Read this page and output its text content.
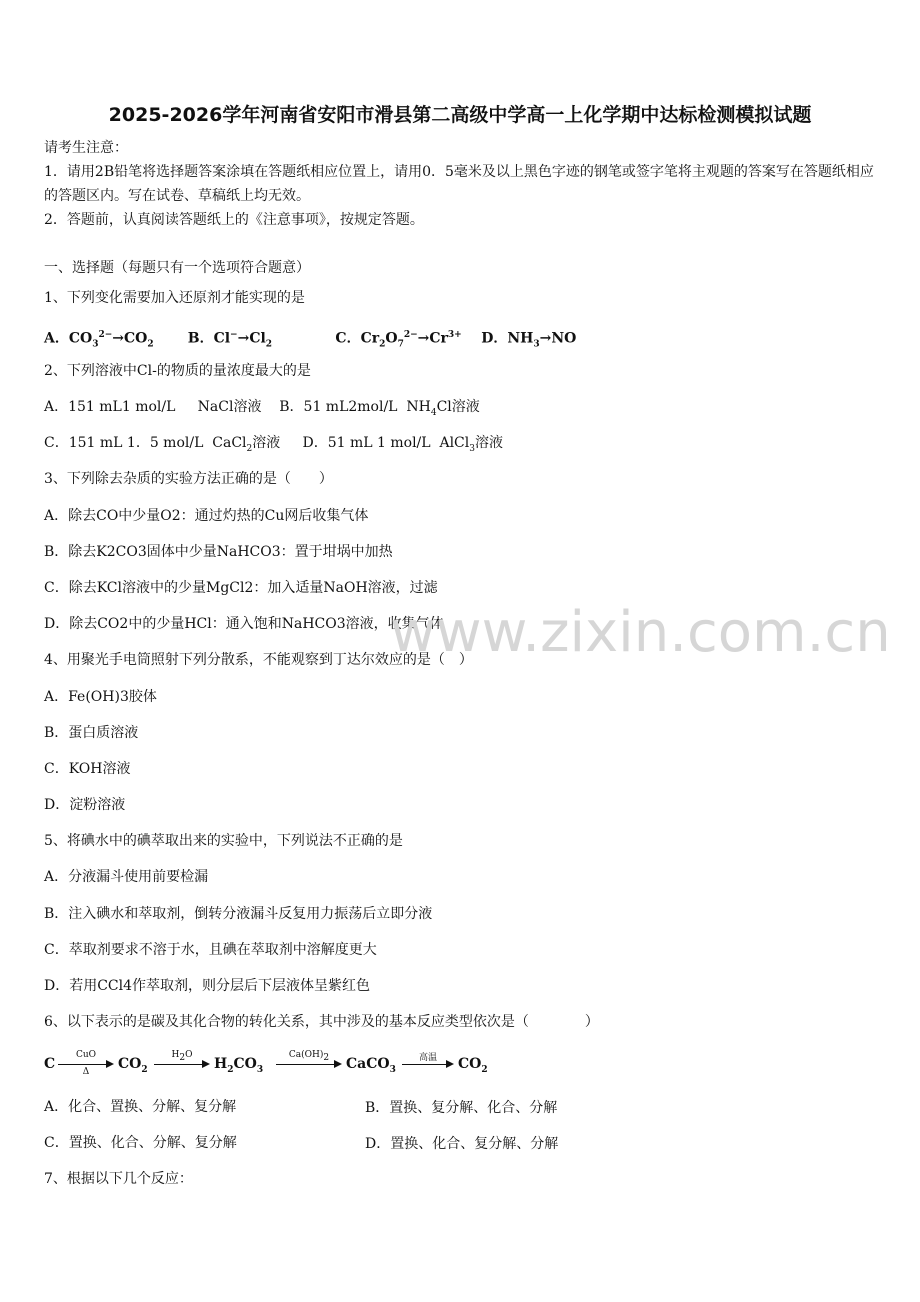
2025-2026学年河南省安阳市滑县第二高级中学高一上化学期中达标检测模拟试题
请考生注意：
1．请用2B铅笔将选择题答案涂填在答题纸相应位置上，请用0．5毫米及以上黑色字迹的钢笔或签字笔将主观题的答案写在答题纸相应的答题区内。写在试卷、草稿纸上均无效。
2．答题前，认真阅读答题纸上的《注意事项》，按规定答题。
一、选择题（每题只有一个选项符合题意）
1、下列变化需要加入还原剂才能实现的是
A．$CO_3^{2-}\to CO_2$       B．$Cl^-\to Cl_2$             C．$Cr_2O_7^{2-}\to Cr^{3+}$    D．$NH_3\to NO$
2、下列溶液中Cl-的物质的量浓度最大的是
A．151 mL1 mol/L     NaCl溶液    B．51 mL2mol/L  $NH_4Cl$溶液
C．151 mL 1．5 mol/L  CaCl$_2$溶液     D．51 mL 1 mol/L  AlCl$_3$溶液
3、下列除去杂质的实验方法正确的是（　　）
A．除去CO中少量O2：通过灼热的Cu网后收集气体
B．除去K2CO3固体中少量NaHCO3：置于坩埚中加热
C．除去KCl溶液中的少量MgCl2：加入适量NaOH溶液，过滤
D．除去CO2中的少量HCl：通入饱和NaHCO3溶液，收集气体
www.zixin.com.cn
4、用聚光手电筒照射下列分散系，不能观察到丁达尔效应的是（　）
A．Fe(OH)3胶体
B．蛋白质溶液
C．KOH溶液
D．淀粉溶液
5、将碘水中的碘萃取出来的实验中，下列说法不正确的是
A．分液漏斗使用前要检漏
B．注入碘水和萃取剂，倒转分液漏斗反复用力振荡后立即分液
C．萃取剂要求不溶于水，且碘在萃取剂中溶解度更大
D．若用CCl4作萃取剂，则分层后下层液体呈紫红色
6、以下表示的是碳及其化合物的转化关系，其中涉及的基本反应类型依次是（　　　　）
C
CuO
Δ	$CO_2$
$H_2O$
$H_2CO_3$
$Ca(OH)_2$	CaCO$_3$
高温	$CO_2$
A．化合、置换、分解、复分解	B．置换、复分解、化合、分解
C．置换、化合、分解、复分解	D．置换、化合、复分解、分解
7、根据以下几个反应：
